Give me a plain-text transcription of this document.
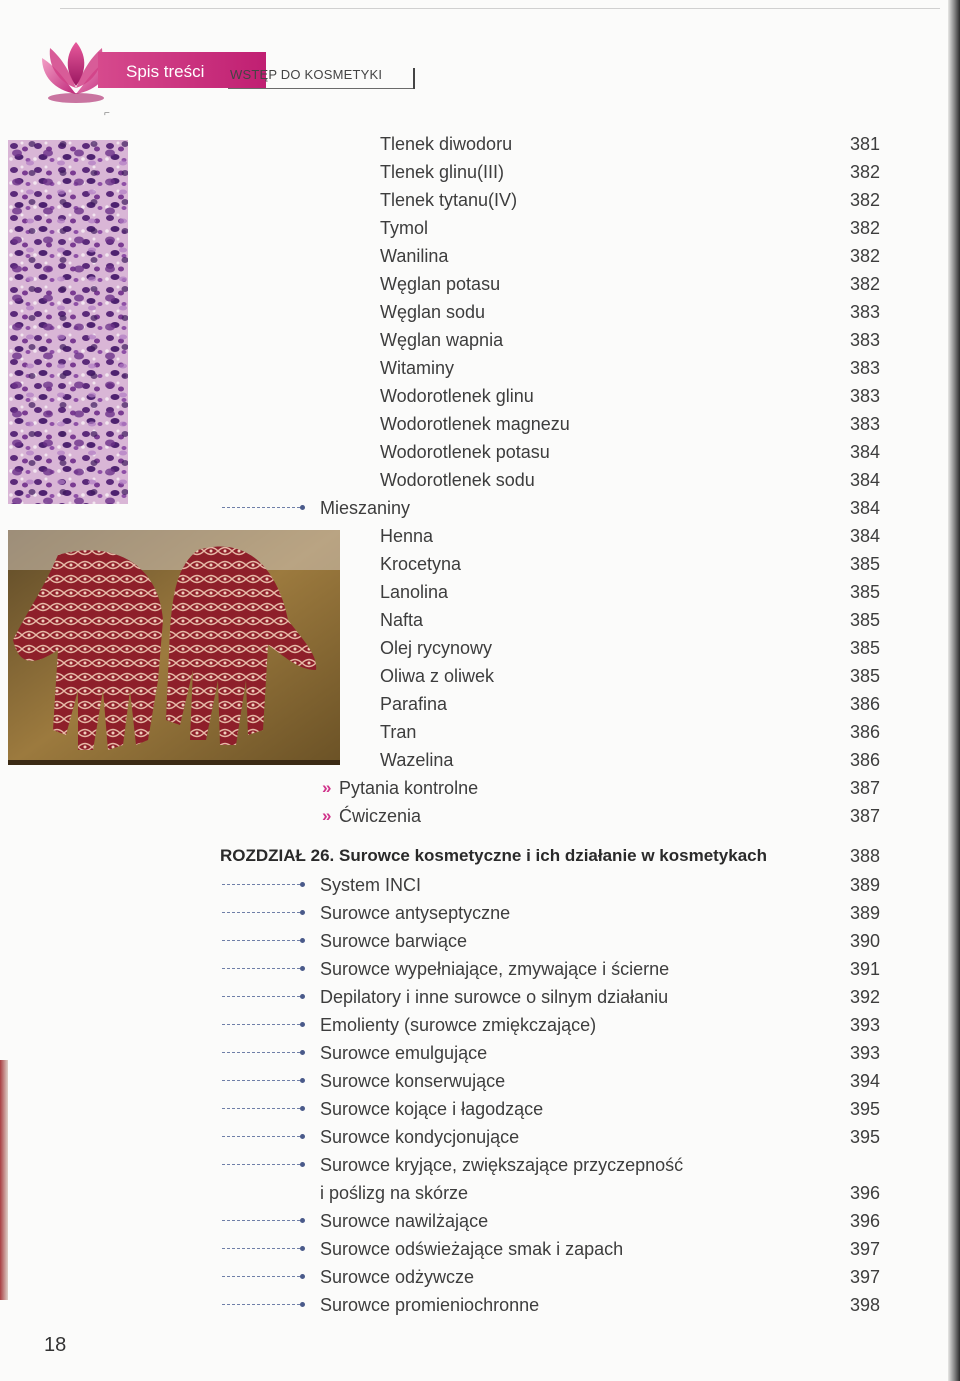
Spis treści WSTĘP DO KOSMETYKI
⌐
Tlenek diwodoru	381
Tlenek glinu(III)	382
Tlenek tytanu(IV)	382
Tymol	382
Wanilina	382
Węglan potasu	382
Węglan sodu	383
Węglan wapnia	383
Witaminy	383
Wodorotlenek glinu	383
Wodorotlenek magnezu	383
Wodorotlenek potasu	384
Wodorotlenek sodu	384
Mieszaniny	384
Henna	384
Krocetyna	385
Lanolina	385
Nafta	385
Olej rycynowy	385
Oliwa z oliwek	385
Parafina	386
Tran	386
Wazelina	386
» Pytania kontrolne	387
» Ćwiczenia	387
ROZDZIAŁ 26. Surowce kosmetyczne i ich działanie w kosmetykach	388
System INCI	389
Surowce antyseptyczne	389
Surowce barwiące	390
Surowce wypełniające, zmywające i ścierne	391
Depilatory i inne surowce o silnym działaniu	392
Emolienty (surowce zmiękczające)	393
Surowce emulgujące	393
Surowce konserwujące	394
Surowce kojące i łagodzące	395
Surowce kondycjonujące	395
Surowce kryjące, zwiększające przyczepność
i poślizg na skórze	396
Surowce nawilżające	396
Surowce odświeżające smak i zapach	397
Surowce odżywcze	397
Surowce promieniochronne	398
18
